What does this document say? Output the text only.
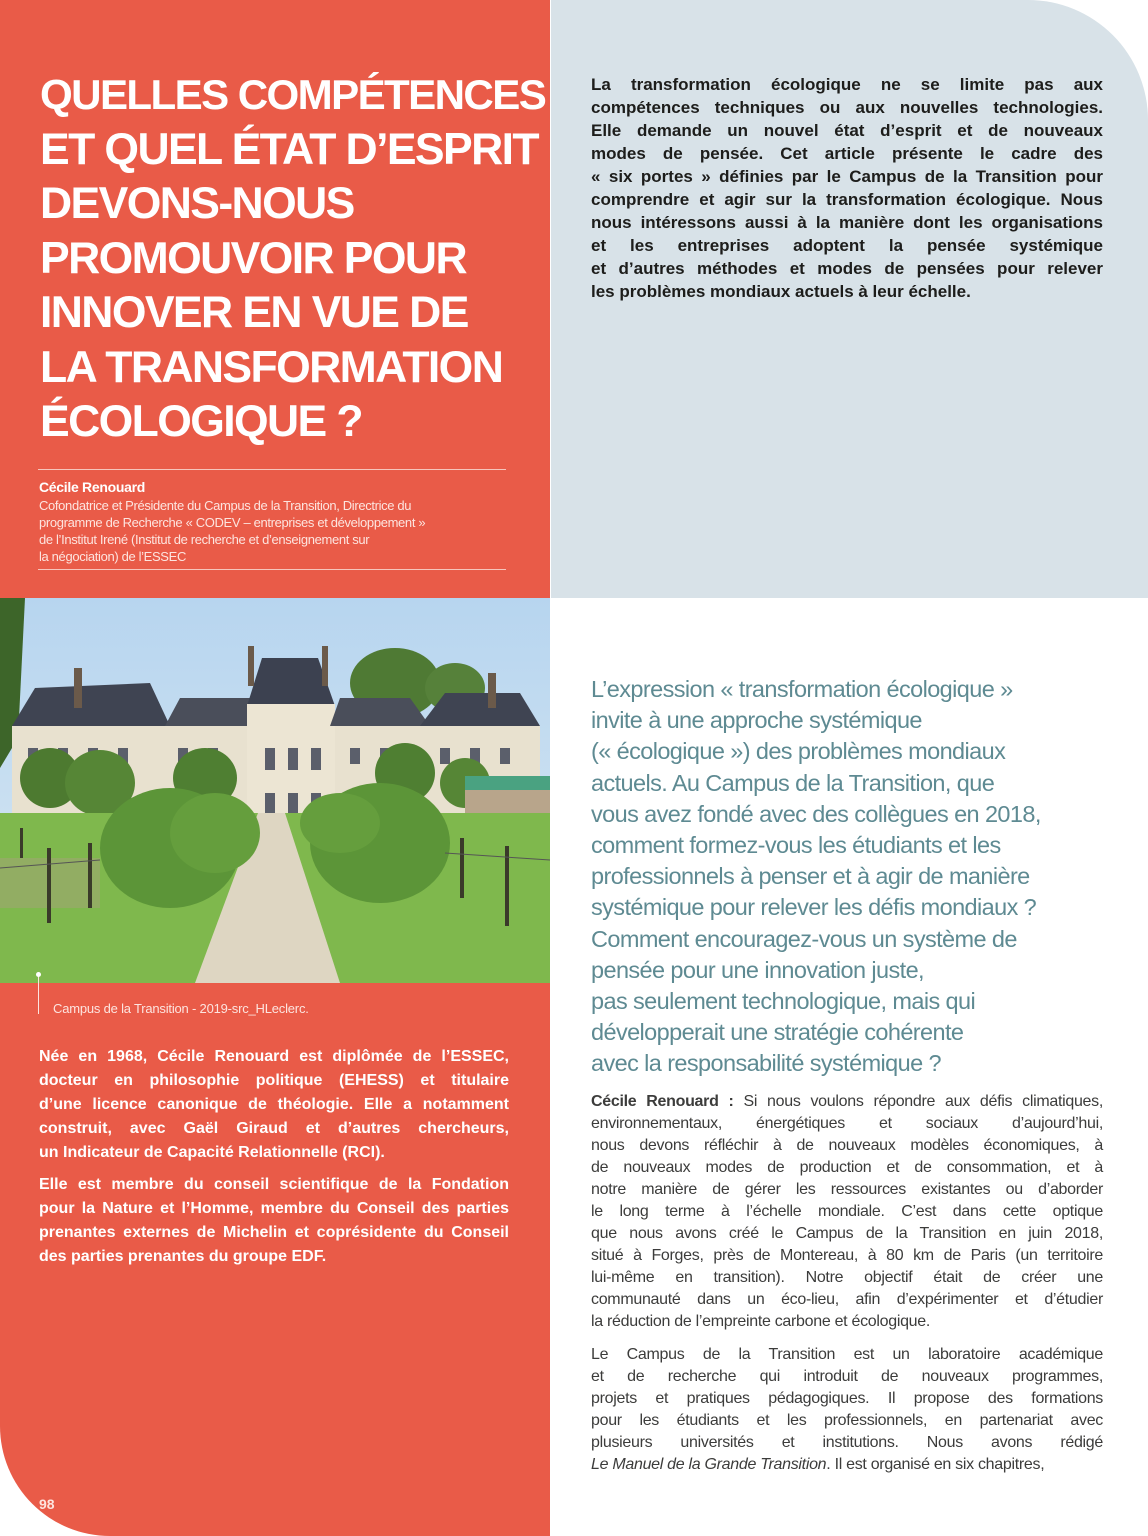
QUELLES COMPÉTENCES
ET QUEL ÉTAT D’ESPRIT
DEVONS-NOUS
PROMOUVOIR POUR
INNOVER EN VUE DE
LA TRANSFORMATION
ÉCOLOGIQUE ?
Cécile Renouard
Cofondatrice et Présidente du Campus de la Transition, Directrice du
programme de Recherche « CODEV – entreprises et développement »
de l’Institut Irené (Institut de recherche et d’enseignement sur
la négociation) de l’ESSEC
La transformation écologique ne se limite pas aux
compétences techniques ou aux nouvelles technologies.
Elle demande un nouvel état d’esprit et de nouveaux
modes de pensée. Cet article présente le cadre des
« six portes » définies par le Campus de la Transition pour
comprendre et agir sur la transformation écologique. Nous
nous intéressons aussi à la manière dont les organisations
et les entreprises adoptent la pensée systémique
et d’autres méthodes et modes de pensées pour relever
les problèmes mondiaux actuels à leur échelle.
Campus de la Transition - 2019-src_HLeclerc.
Née en 1968, Cécile Renouard est diplômée de l’ESSEC,
docteur en philosophie politique (EHESS) et titulaire
d’une licence canonique de théologie. Elle a notamment
construit, avec Gaël Giraud et d’autres chercheurs,
un Indicateur de Capacité Relationnelle (RCI).
Elle est membre du conseil scientifique de la Fondation
pour la Nature et l’Homme, membre du Conseil des parties
prenantes externes de Michelin et coprésidente du Conseil
des parties prenantes du groupe EDF.
98
L’expression « transformation écologique »
invite à une approche systémique
(« écologique ») des problèmes mondiaux
actuels. Au Campus de la Transition, que
vous avez fondé avec des collègues en 2018,
comment formez-vous les étudiants et les
professionnels à penser et à agir de manière
systémique pour relever les défis mondiaux ?
Comment encouragez-vous un système de
pensée pour une innovation juste,
pas seulement technologique, mais qui
développerait une stratégie cohérente
avec la responsabilité systémique ?
Cécile Renouard : Si nous voulons répondre aux défis climatiques,
environnementaux, énergétiques et sociaux d’aujourd’hui,
nous devons réfléchir à de nouveaux modèles économiques, à
de nouveaux modes de production et de consommation, et à
notre manière de gérer les ressources existantes ou d’aborder
le long terme à l’échelle mondiale. C’est dans cette optique
que nous avons créé le Campus de la Transition en juin 2018,
situé à Forges, près de Montereau, à 80 km de Paris (un territoire
lui-même en transition). Notre objectif était de créer une
communauté dans un éco-lieu, afin d’expérimenter et d’étudier
la réduction de l’empreinte carbone et écologique.
Le Campus de la Transition est un laboratoire académique
et de recherche qui introduit de nouveaux programmes,
projets et pratiques pédagogiques. Il propose des formations
pour les étudiants et les professionnels, en partenariat avec
plusieurs universités et institutions. Nous avons rédigé
Le Manuel de la Grande Transition. Il est organisé en six chapitres,
